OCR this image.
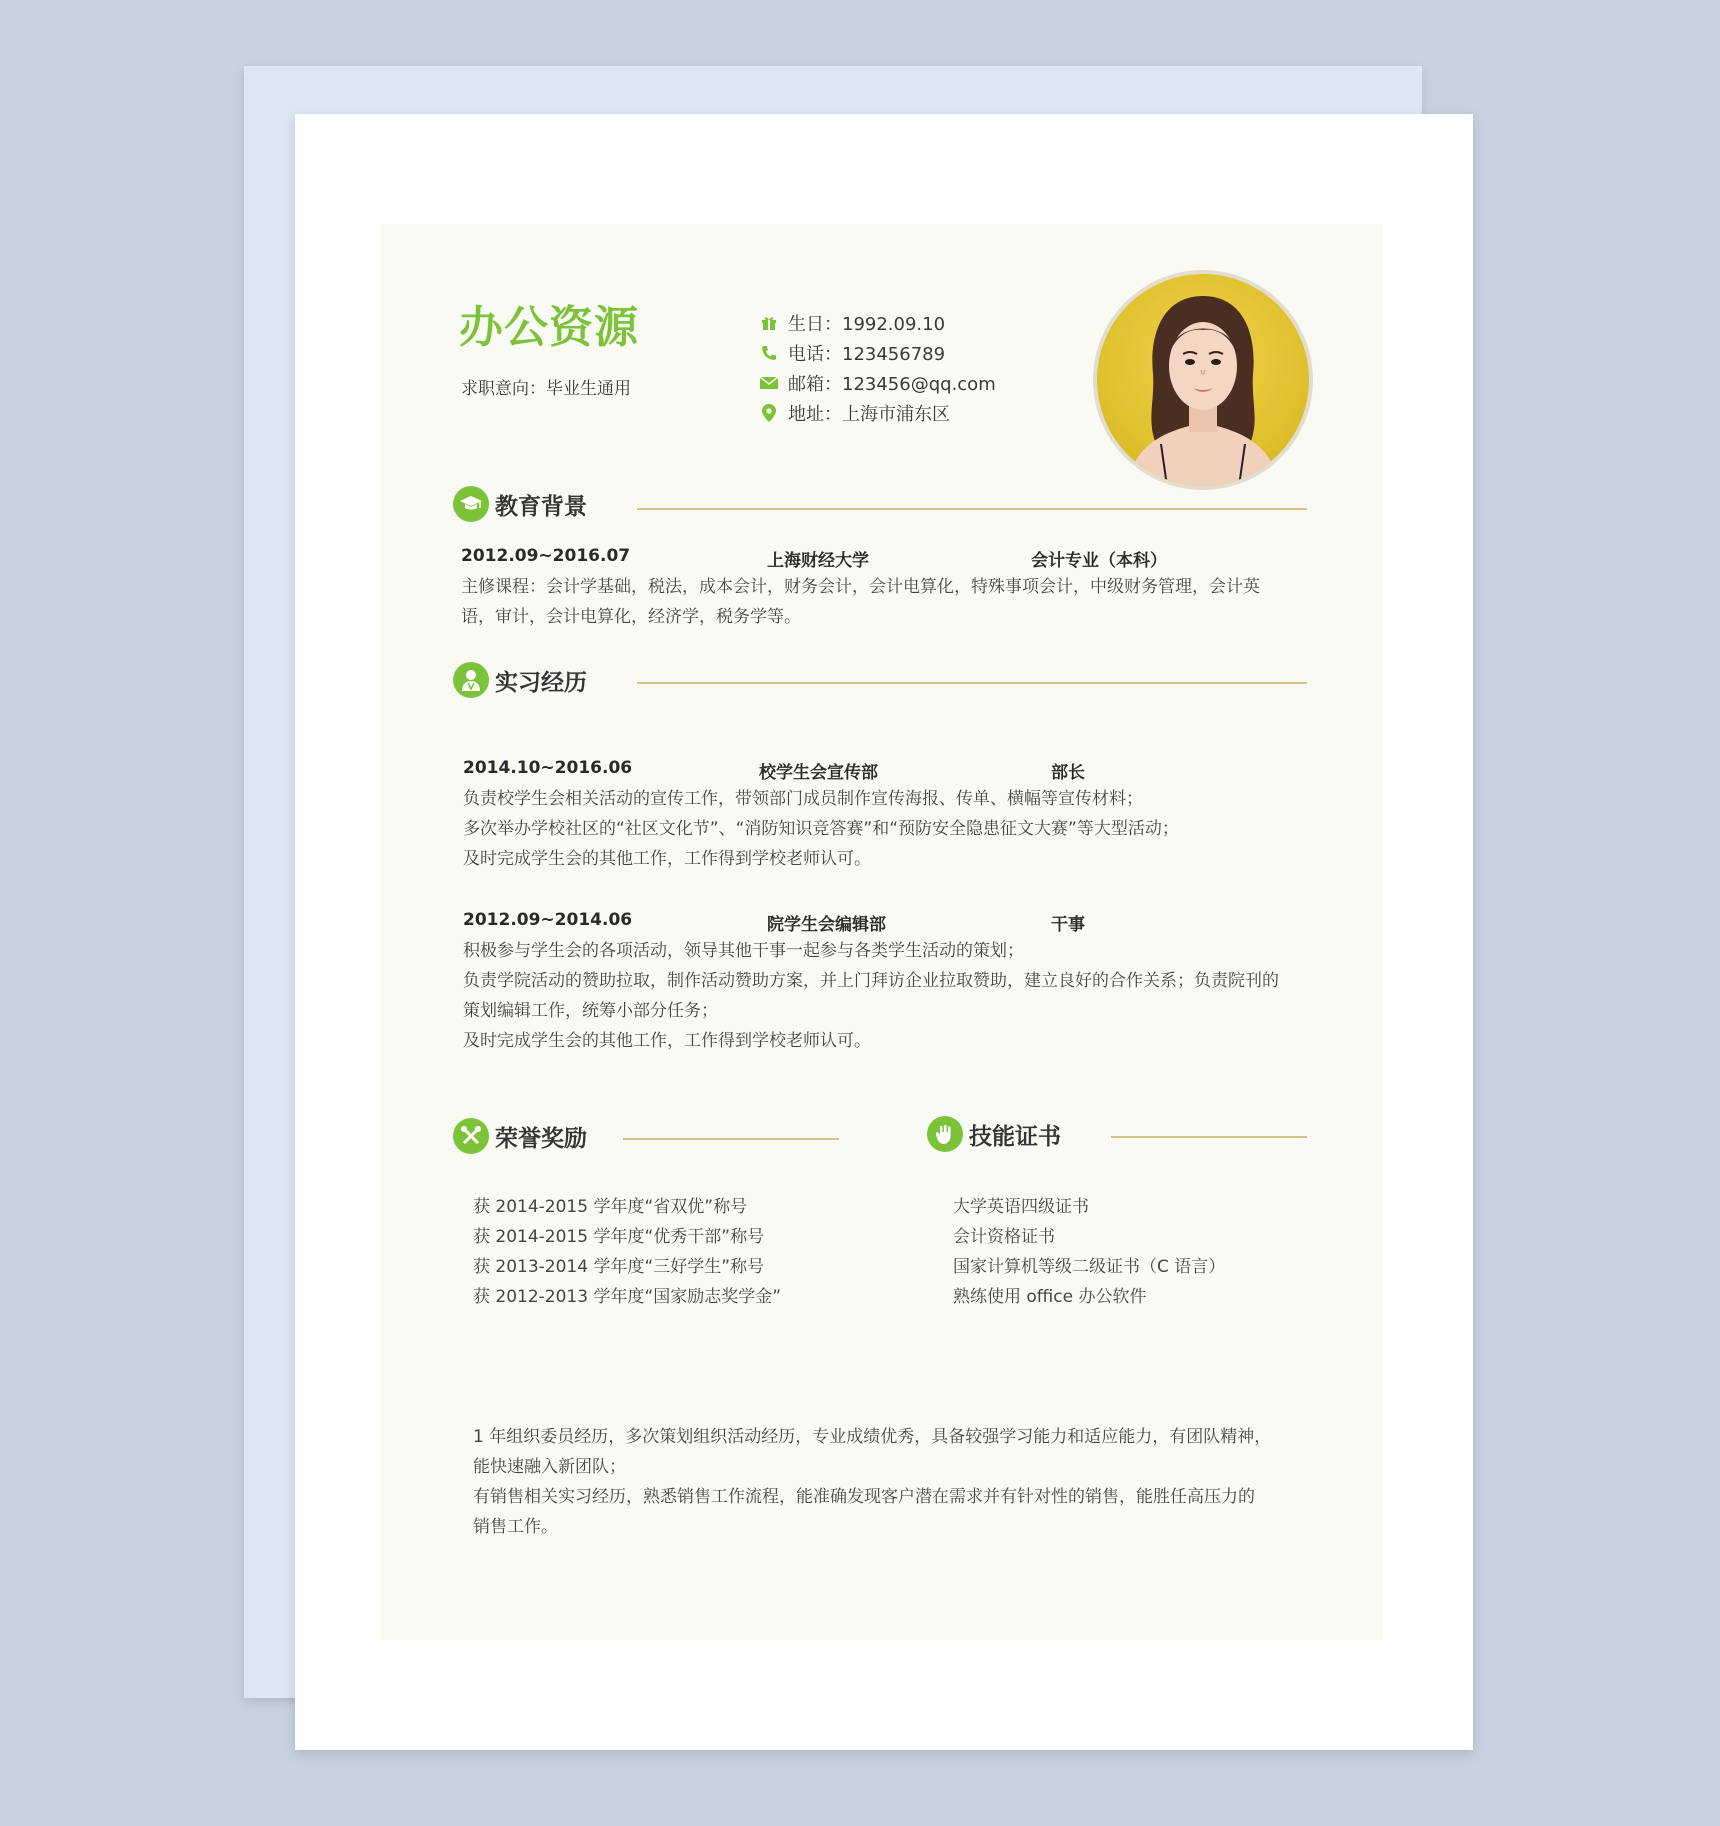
办公资源
求职意向：毕业生通用
生日：1992.09.10
电话：123456789
邮箱：123456@qq.com
地址：上海市浦东区
教育背景
2012.09~2016.07	上海财经大学	会计专业（本科）
主修课程：会计学基础，税法，成本会计，财务会计，会计电算化，特殊事项会计，中级财务管理，会计英
语，审计，会计电算化，经济学，税务学等。
实习经历
2014.10~2016.06	校学生会宣传部	部长
负责校学生会相关活动的宣传工作，带领部门成员制作宣传海报、传单、横幅等宣传材料；
多次举办学校社区的“社区文化节”、“消防知识竞答赛”和“预防安全隐患征文大赛”等大型活动；
及时完成学生会的其他工作，工作得到学校老师认可。
2012.09~2014.06	院学生会编辑部	干事
积极参与学生会的各项活动，领导其他干事一起参与各类学生活动的策划；
负责学院活动的赞助拉取，制作活动赞助方案，并上门拜访企业拉取赞助，建立良好的合作关系；负责院刊的
策划编辑工作，统筹小部分任务；
及时完成学生会的其他工作，工作得到学校老师认可。
荣誉奖励
获 2014-2015 学年度“省双优”称号
获 2014-2015 学年度“优秀干部”称号
获 2013-2014 学年度“三好学生”称号
获 2012-2013 学年度“国家励志奖学金”
技能证书
大学英语四级证书
会计资格证书
国家计算机等级二级证书（C 语言）
熟练使用 office 办公软件
1 年组织委员经历，多次策划组织活动经历，专业成绩优秀，具备较强学习能力和适应能力，有团队精神，
能快速融入新团队；
有销售相关实习经历，熟悉销售工作流程，能准确发现客户潜在需求并有针对性的销售，能胜任高压力的
销售工作。
